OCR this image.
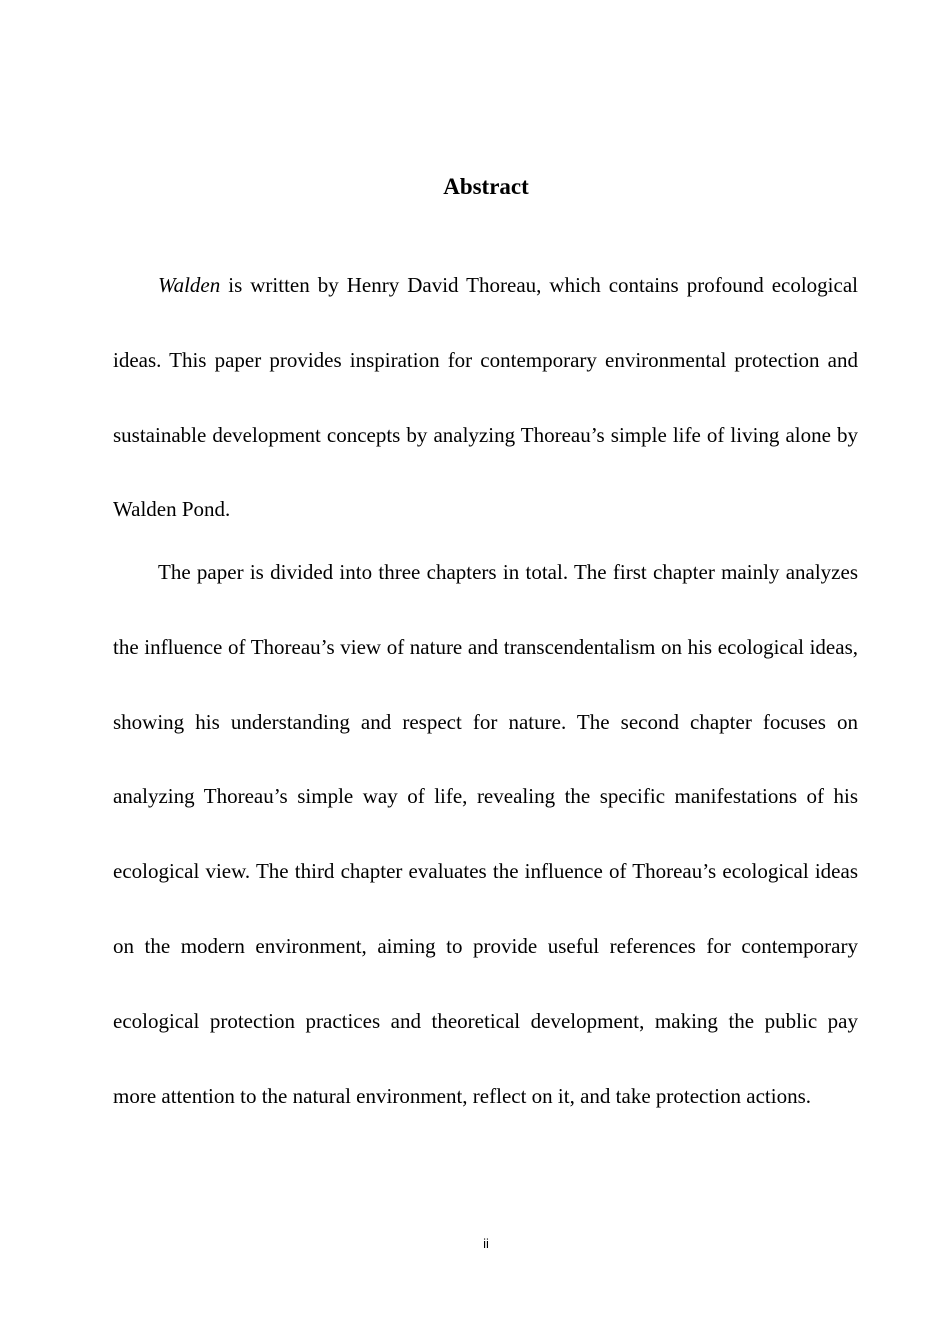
Abstract

Walden is written by Henry David Thoreau, which contains profound ecological ideas. This paper provides inspiration for contemporary environmental protection and sustainable development concepts by analyzing Thoreau’s simple life of living alone by Walden Pond.

The paper is divided into three chapters in total. The first chapter mainly analyzes the influence of Thoreau’s view of nature and transcendentalism on his ecological ideas, showing his understanding and respect for nature. The second chapter focuses on analyzing Thoreau’s simple way of life, revealing the specific manifestations of his ecological view. The third chapter evaluates the influence of Thoreau’s ecological ideas on the modern environment, aiming to provide useful references for contemporary ecological protection practices and theoretical development, making the public pay more attention to the natural environment, reflect on it, and take protection actions.

ii
